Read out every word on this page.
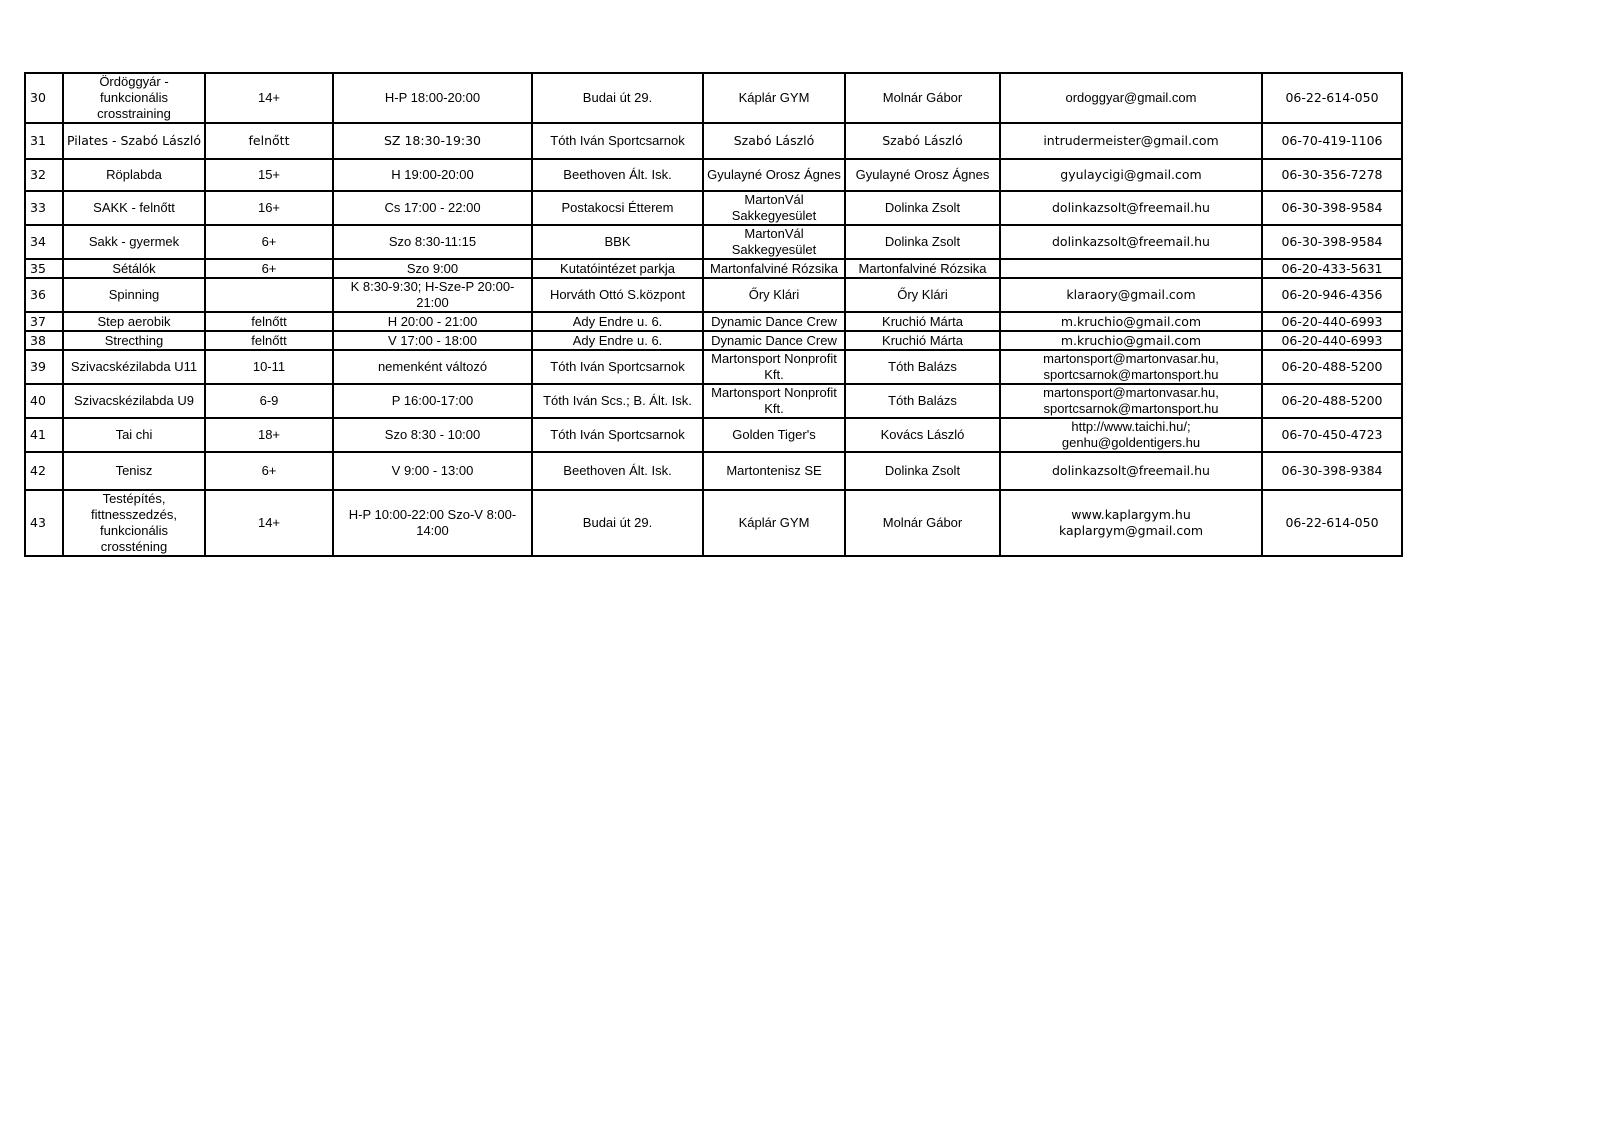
30	Ördöggyár -
funkcionális
crosstraining	14+	H-P 18:00-20:00	Budai út 29.	Káplár GYM	Molnár Gábor	ordoggyar@gmail.com	06-22-614-050
31	Pilates - Szabó László	felnőtt	SZ 18:30-19:30	Tóth Iván Sportcsarnok	Szabó László	Szabó László	intrudermeister@gmail.com	06-70-419-1106
32	Röplabda	15+	H 19:00-20:00	Beethoven Ált. Isk.	Gyulayné Orosz Ágnes	Gyulayné Orosz Ágnes	gyulaycigi@gmail.com	06-30-356-7278
33	SAKK - felnőtt	16+	Cs 17:00 - 22:00	Postakocsi Étterem	MartonVál
Sakkegyesület	Dolinka Zsolt	dolinkazsolt@freemail.hu	06-30-398-9584
34	Sakk - gyermek	6+	Szo 8:30-11:15	BBK	MartonVál
Sakkegyesület	Dolinka Zsolt	dolinkazsolt@freemail.hu	06-30-398-9584
35	Sétálók	6+	Szo 9:00	Kutatóintézet parkja	Martonfalviné Rózsika	Martonfalviné Rózsika		06-20-433-5631
36	Spinning		K 8:30-9:30; H-Sze-P 20:00-
21:00	Horváth Ottó S.központ	Őry Klári	Őry Klári	klaraory@gmail.com	06-20-946-4356
37	Step aerobik	felnőtt	H 20:00 - 21:00	Ady Endre u. 6.	Dynamic Dance Crew	Kruchió Márta	m.kruchio@gmail.com	06-20-440-6993
38	Strecthing	felnőtt	V 17:00 - 18:00	Ady Endre u. 6.	Dynamic Dance Crew	Kruchió Márta	m.kruchio@gmail.com	06-20-440-6993
39	Szivacskézilabda U11	10-11	nemenként változó	Tóth Iván Sportcsarnok	Martonsport Nonprofit
Kft.	Tóth Balázs	martonsport@martonvasar.hu,
sportcsarnok@martonsport.hu	06-20-488-5200
40	Szivacskézilabda U9	6-9	P 16:00-17:00	Tóth Iván Scs.; B. Ált. Isk.	Martonsport Nonprofit
Kft.	Tóth Balázs	martonsport@martonvasar.hu,
sportcsarnok@martonsport.hu	06-20-488-5200
41	Tai chi	18+	Szo 8:30 - 10:00	Tóth Iván Sportcsarnok	Golden Tiger's	Kovács László	http://www.taichi.hu/;
genhu@goldentigers.hu	06-70-450-4723
42	Tenisz	6+	V 9:00 - 13:00	Beethoven Ált. Isk.	Martontenisz SE	Dolinka Zsolt	dolinkazsolt@freemail.hu	06-30-398-9384
43	Testépítés,
fittnesszedzés,
funkcionális
crossténing	14+	H-P 10:00-22:00 Szo-V 8:00-
14:00	Budai út 29.	Káplár GYM	Molnár Gábor	www.kaplargym.hu kaplargym@gmail.com	06-22-614-050
